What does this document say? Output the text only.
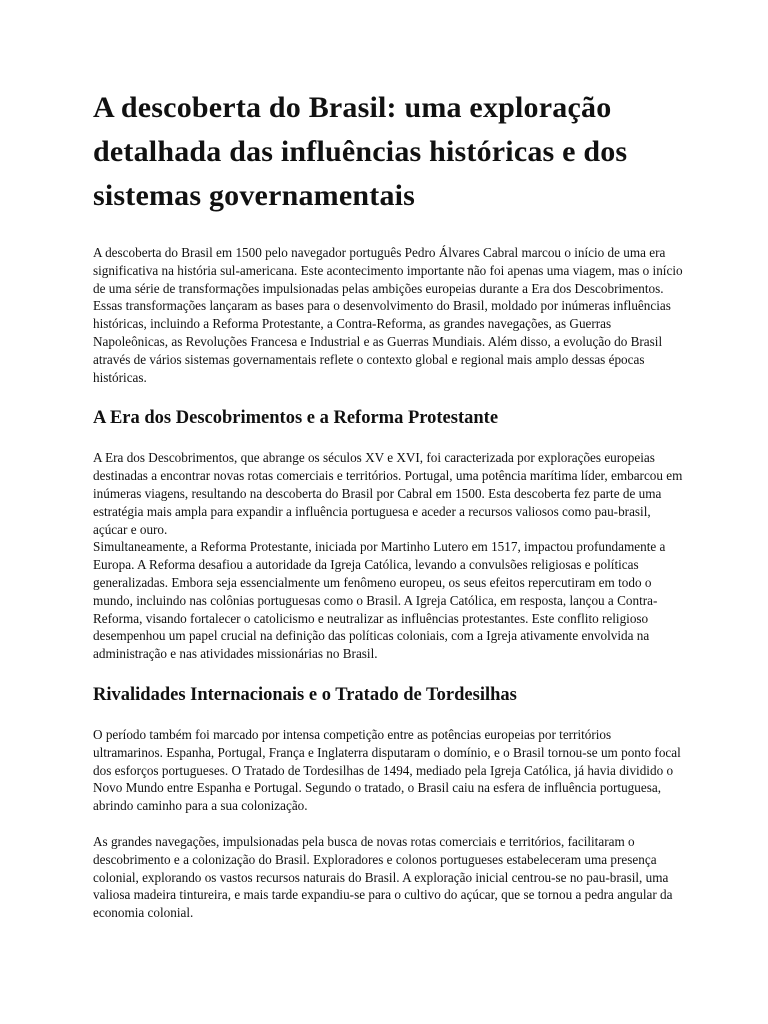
A descoberta do Brasil: uma exploração detalhada das influências históricas e dos sistemas governamentais

A descoberta do Brasil em 1500 pelo navegador português Pedro Álvares Cabral marcou o início de uma era significativa na história sul-americana. Este acontecimento importante não foi apenas uma viagem, mas o início de uma série de transformações impulsionadas pelas ambições europeias durante a Era dos Descobrimentos. Essas transformações lançaram as bases para o desenvolvimento do Brasil, moldado por inúmeras influências históricas, incluindo a Reforma Protestante, a Contra-Reforma, as grandes navegações, as Guerras Napoleônicas, as Revoluções Francesa e Industrial e as Guerras Mundiais. Além disso, a evolução do Brasil através de vários sistemas governamentais reflete o contexto global e regional mais amplo dessas épocas históricas.

A Era dos Descobrimentos e a Reforma Protestante

A Era dos Descobrimentos, que abrange os séculos XV e XVI, foi caracterizada por explorações europeias destinadas a encontrar novas rotas comerciais e territórios. Portugal, uma potência marítima líder, embarcou em inúmeras viagens, resultando na descoberta do Brasil por Cabral em 1500. Esta descoberta fez parte de uma estratégia mais ampla para expandir a influência portuguesa e aceder a recursos valiosos como pau-brasil, açúcar e ouro.

Simultaneamente, a Reforma Protestante, iniciada por Martinho Lutero em 1517, impactou profundamente a Europa. A Reforma desafiou a autoridade da Igreja Católica, levando a convulsões religiosas e políticas generalizadas. Embora seja essencialmente um fenômeno europeu, os seus efeitos repercutiram em todo o mundo, incluindo nas colônias portuguesas como o Brasil. A Igreja Católica, em resposta, lançou a Contra-Reforma, visando fortalecer o catolicismo e neutralizar as influências protestantes. Este conflito religioso desempenhou um papel crucial na definição das políticas coloniais, com a Igreja ativamente envolvida na administração e nas atividades missionárias no Brasil.

Rivalidades Internacionais e o Tratado de Tordesilhas

O período também foi marcado por intensa competição entre as potências europeias por territórios ultramarinos. Espanha, Portugal, França e Inglaterra disputaram o domínio, e o Brasil tornou-se um ponto focal dos esforços portugueses. O Tratado de Tordesilhas de 1494, mediado pela Igreja Católica, já havia dividido o Novo Mundo entre Espanha e Portugal. Segundo o tratado, o Brasil caiu na esfera de influência portuguesa, abrindo caminho para a sua colonização.

As grandes navegações, impulsionadas pela busca de novas rotas comerciais e territórios, facilitaram o descobrimento e a colonização do Brasil. Exploradores e colonos portugueses estabeleceram uma presença colonial, explorando os vastos recursos naturais do Brasil. A exploração inicial centrou-se no pau-brasil, uma valiosa madeira tintureira, e mais tarde expandiu-se para o cultivo do açúcar, que se tornou a pedra angular da economia colonial.
